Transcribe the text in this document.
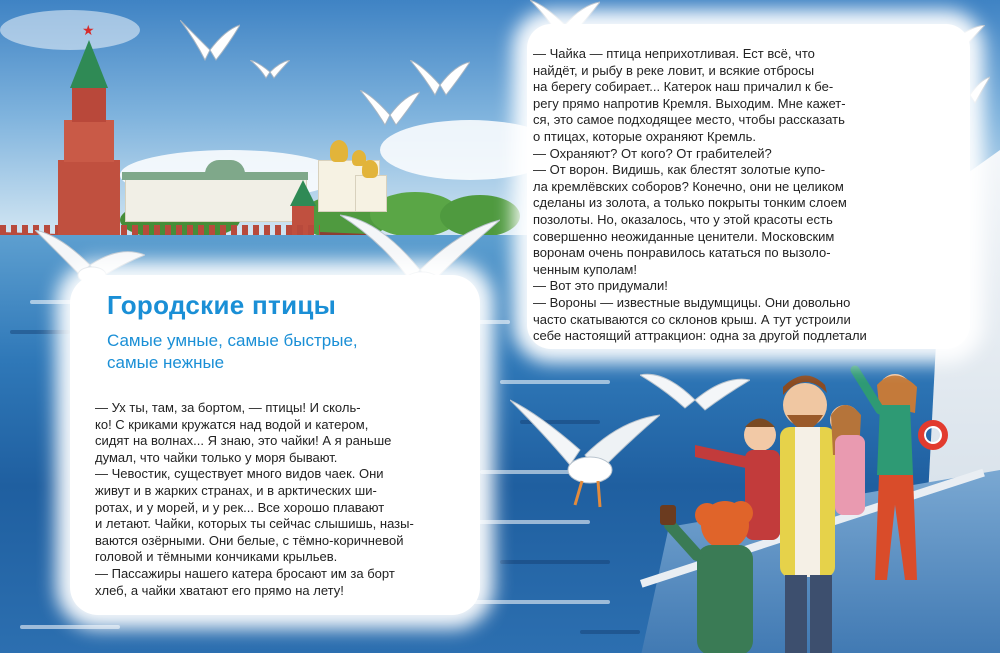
★
Городские птицы
Самые умные, самые быстрые,
самые нежные

— Ух ты, там, за бортом, — птицы! И сколь-

ко! С криками кружатся над водой и катером,

сидят на волнах... Я знаю, это чайки! А я раньше

думал, что чайки только у моря бывают.

— Чевостик, существует много видов чаек. Они

живут и в жарких странах, и в арктических ши-

ротах, и у морей, и у рек... Все хорошо плавают

и летают. Чайки, которых ты сейчас слышишь, назы-

ваются озёрными. Они белые, с тёмно-коричневой

головой и тёмными кончиками крыльев.

— Пассажиры нашего катера бросают им за борт

хлеб, а чайки хватают его прямо на лету!

— Чайка — птица неприхотливая. Ест всё, что

найдёт, и рыбу в реке ловит, и всякие отбросы

на берегу собирает... Катерок наш причалил к бе-

регу прямо напротив Кремля. Выходим. Мне кажет-

ся, это самое подходящее место, чтобы рассказать

о птицах, которые охраняют Кремль.

— Охраняют? От кого? От грабителей?

— От ворон. Видишь, как блестят золотые купо-

ла кремлёвских соборов? Конечно, они не целиком

сделаны из золота, а только покрыты тонким слоем

позолоты. Но, оказалось, что у этой красоты есть

совершенно неожиданные ценители. Московским

воронам очень понравилось кататься по вызоло-

ченным куполам!

— Вот это придумали!

— Вороны — известные выдумщицы. Они довольно

часто скатываются со склонов крыш. А тут устроили

себе настоящий аттракцион: одна за другой подлетали
